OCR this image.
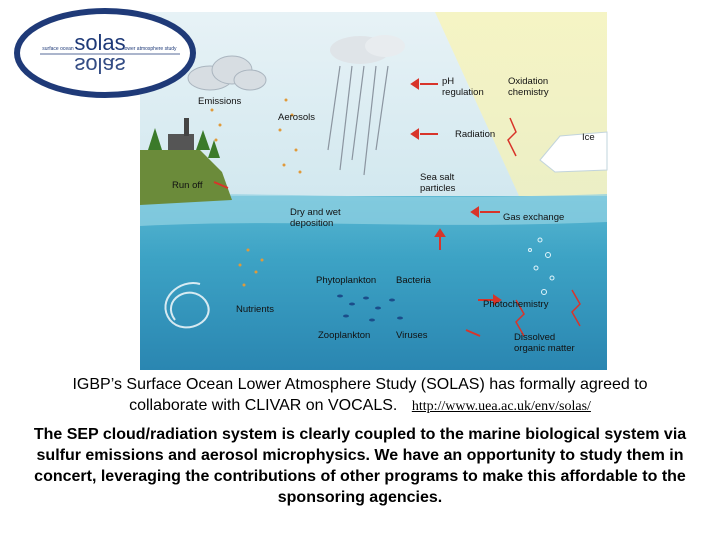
solas
solas
surface ocean	lower atmosphere study
Emissions
Aerosols
pH regulation
Oxidation chemistry
Radiation	Ice
Run off
Sea salt particles
Dry and wet deposition
Gas exchange
Phytoplankton Bacteria
Nutrients	Photochemistry
Zooplankton	Viruses	Dissolved organic matter
IGBP’s Surface Ocean Lower Atmosphere Study (SOLAS) has formally agreed to
collaborate with CLIVAR on VOCALS. http://www.uea.ac.uk/env/solas/
The SEP cloud/radiation system is clearly coupled to the marine biological system via sulfur emissions and aerosol microphysics. We have an opportunity to study them in concert, leveraging the contributions of other programs to make this affordable to the sponsoring agencies.
